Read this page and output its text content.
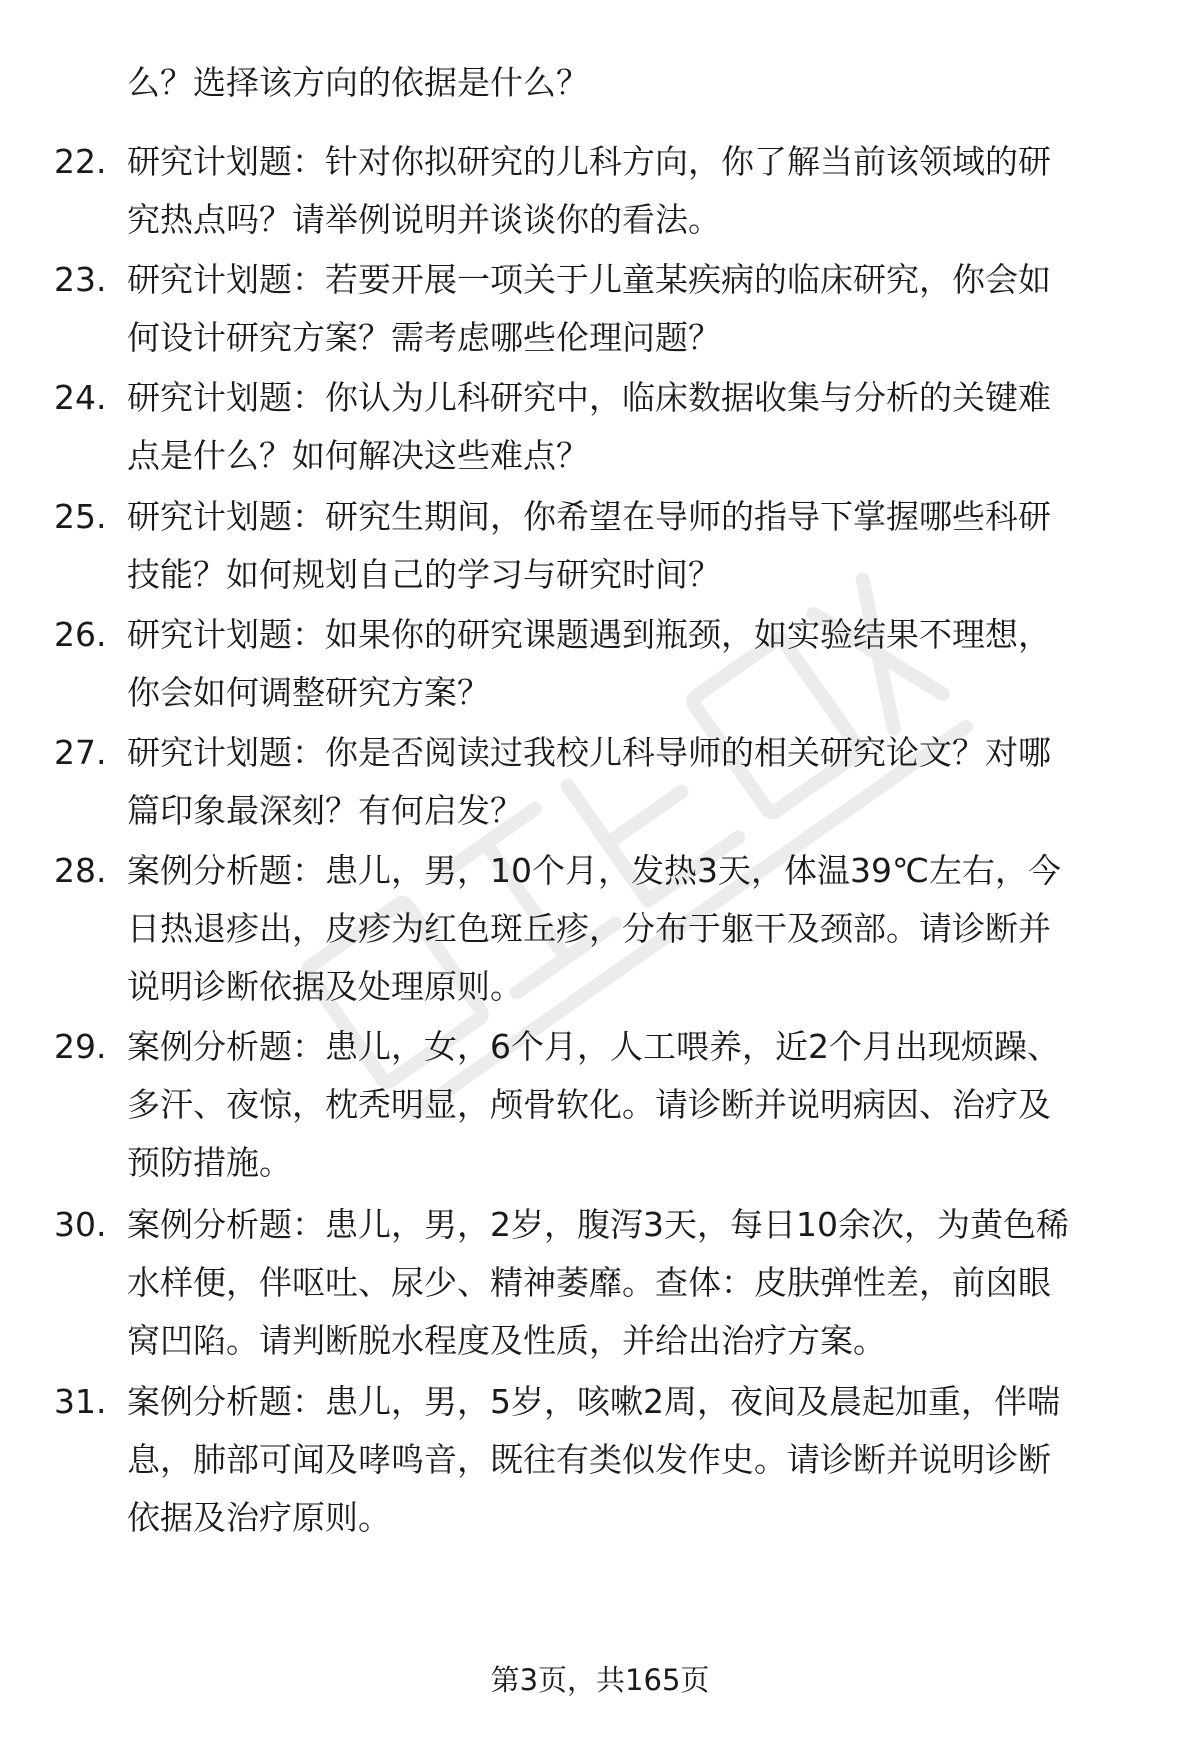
么？选择该方向的依据是什么？
22. 研究计划题：针对你拟研究的儿科方向，你了解当前该领域的研
究热点吗？请举例说明并谈谈你的看法。
23. 研究计划题：若要开展一项关于儿童某疾病的临床研究，你会如
何设计研究方案？需考虑哪些伦理问题？
24. 研究计划题：你认为儿科研究中，临床数据收集与分析的关键难
点是什么？如何解决这些难点？
25. 研究计划题：研究生期间，你希望在导师的指导下掌握哪些科研
技能？如何规划自己的学习与研究时间？
26. 研究计划题：如果你的研究课题遇到瓶颈，如实验结果不理想，
你会如何调整研究方案？
27. 研究计划题：你是否阅读过我校儿科导师的相关研究论文？对哪
篇印象最深刻？有何启发？
28. 案例分析题：患儿，男，10个月，发热3天，体温39℃左右，今
日热退疹出，皮疹为红色斑丘疹，分布于躯干及颈部。请诊断并
说明诊断依据及处理原则。
29. 案例分析题：患儿，女，6个月，人工喂养，近2个月出现烦躁、
多汗、夜惊，枕秃明显，颅骨软化。请诊断并说明病因、治疗及
预防措施。
30. 案例分析题：患儿，男，2岁，腹泻3天，每日10余次，为黄色稀
水样便，伴呕吐、尿少、精神萎靡。查体：皮肤弹性差，前囟眼
窝凹陷。请判断脱水程度及性质，并给出治疗方案。
31. 案例分析题：患儿，男，5岁，咳嗽2周，夜间及晨起加重，伴喘
息，肺部可闻及哮鸣音，既往有类似发作史。请诊断并说明诊断
依据及治疗原则。
第3页，共165页
